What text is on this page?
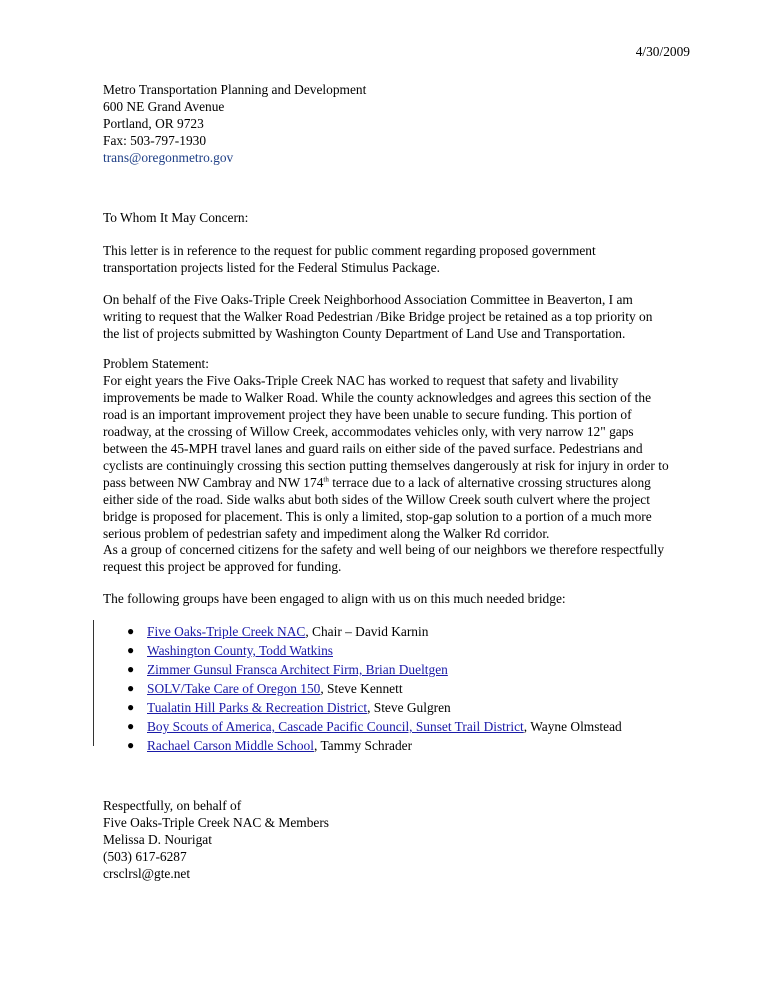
4/30/2009
Metro Transportation Planning and Development
600 NE Grand Avenue
Portland, OR 9723
Fax: 503-797-1930
trans@oregonmetro.gov

To Whom It May Concern:

This letter is in reference to the request for public comment regarding proposed government
transportation projects listed for the Federal Stimulus Package.
On behalf of the Five Oaks-Triple Creek Neighborhood Association Committee in Beaverton, I am
writing to request that the Walker Road Pedestrian /Bike Bridge project be retained as a top priority on
the list of projects submitted by Washington County Department of Land Use and Transportation.
Problem Statement:
For eight years the Five Oaks-Triple Creek NAC has worked to request that safety and livability
improvements be made to Walker Road. While the county acknowledges and agrees this section of the
road is an important improvement project they have been unable to secure funding. This portion of
roadway, at the crossing of Willow Creek, accommodates vehicles only, with very narrow 12" gaps
between the 45-MPH travel lanes and guard rails on either side of the paved surface. Pedestrians and
cyclists are continuingly crossing this section putting themselves dangerously at risk for injury in order to
pass between NW Cambray and NW 174th terrace due to a lack of alternative crossing structures along
either side of the road. Side walks abut both sides of the Willow Creek south culvert where the project
bridge is proposed for placement. This is only a limited, stop-gap solution to a portion of a much more
serious problem of pedestrian safety and impediment along the Walker Rd corridor.
As a group of concerned citizens for the safety and well being of our neighbors we therefore respectfully
request this project be approved for funding.
The following groups have been engaged to align with us on this much needed bridge:
● Five Oaks-Triple Creek NAC, Chair – David Karnin
● Washington County, Todd Watkins
● Zimmer Gunsul Fransca Architect Firm, Brian Dueltgen
● SOLV/Take Care of Oregon 150, Steve Kennett
● Tualatin Hill Parks & Recreation District, Steve Gulgren
● Boy Scouts of America, Cascade Pacific Council, Sunset Trail District, Wayne Olmstead
● Rachael Carson Middle School, Tammy Schrader
Respectfully, on behalf of
Five Oaks-Triple Creek NAC & Members
Melissa D. Nourigat
(503) 617-6287
crsclrsl@gte.net
